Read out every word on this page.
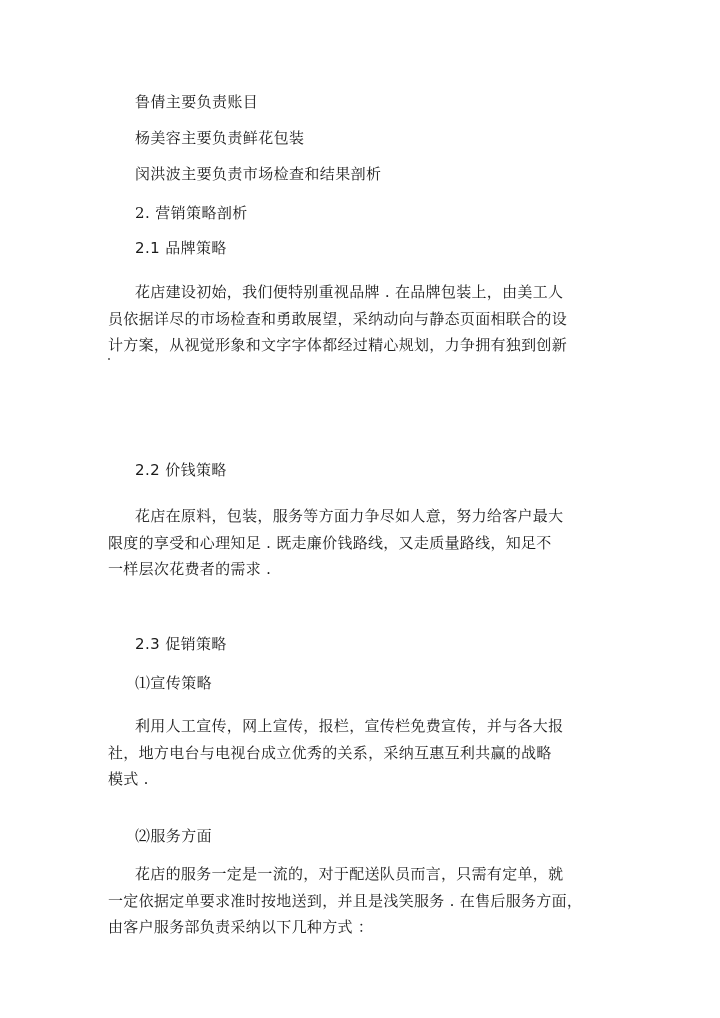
鲁倩主要负责账目
杨美容主要负责鲜花包装
闵洪波主要负责市场检查和结果剖析
2. 营销策略剖析
2.1 品牌策略
花店建设初始，我们便特别重视品牌 . 在品牌包装上，由美工人
员依据详尽的市场检查和勇敢展望，采纳动向与静态页面相联合的设
计方案，从视觉形象和文字字体都经过精心规划，力争拥有独到创新
2.2 价钱策略
花店在原料，包装，服务等方面力争尽如人意，努力给客户最大
限度的享受和心理知足 . 既走廉价钱路线，又走质量路线，知足不
一样层次花费者的需求 .
2.3 促销策略
⑴宣传策略
利用人工宣传，网上宣传，报栏，宣传栏免费宣传，并与各大报
社，地方电台与电视台成立优秀的关系，采纳互惠互利共赢的战略
模式 .
⑵服务方面
花店的服务一定是一流的，对于配送队员而言，只需有定单，就
一定依据定单要求准时按地送到，并且是浅笑服务 . 在售后服务方面，
由客户服务部负责采纳以下几种方式 ：
